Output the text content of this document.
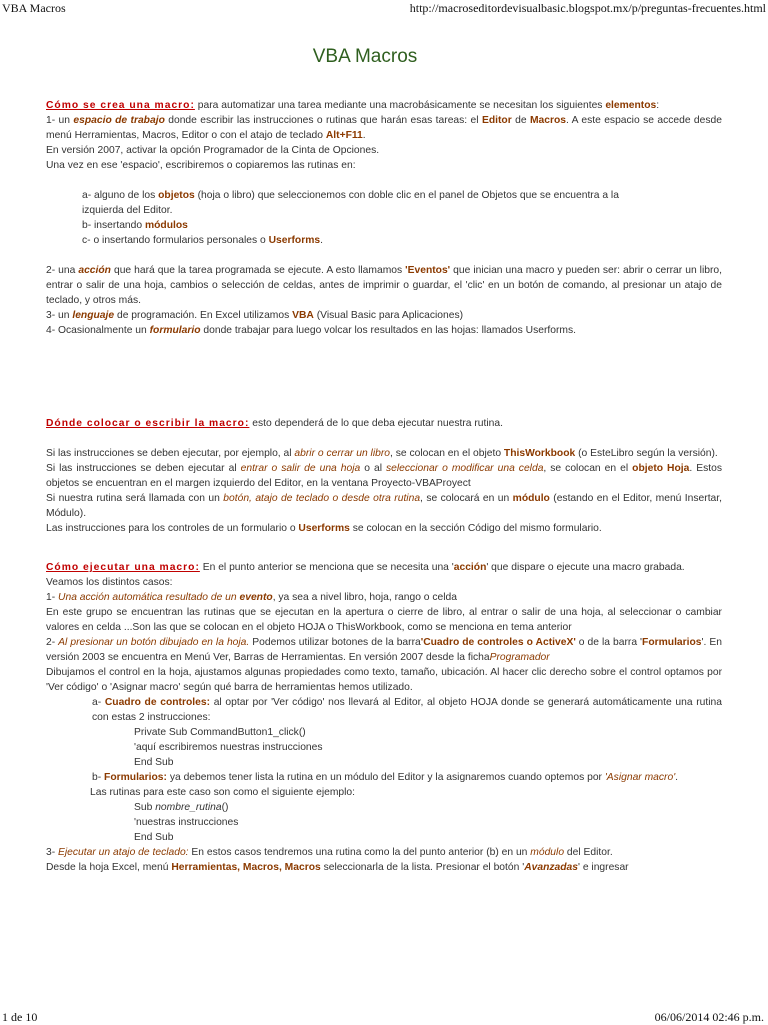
VBA Macros	http://macroseditordevisualbasic.blogspot.mx/p/preguntas-frecuentes.html
VBA Macros

Cómo se crea una macro: para automatizar una tarea mediante una macrobásicamente se necesitan los siguientes elementos:

1- un espacio de trabajo donde escribir las instrucciones o rutinas que harán esas tareas: el Editor de Macros. A este espacio se accede desde menú Herramientas, Macros, Editor o con el atajo de teclado Alt+F11.

En versión 2007, activar la opción Programador de la Cinta de Opciones.

Una vez en ese 'espacio', escribiremos o copiaremos las rutinas en:

a- alguno de los objetos (hoja o libro) que seleccionemos con doble clic en el panel de Objetos que se encuentra a la izquierda del Editor.

b- insertando módulos

c- o insertando formularios personales o Userforms.

2- una acción que hará que la tarea programada se ejecute. A esto llamamos 'Eventos' que inician una macro y pueden ser: abrir o cerrar un libro, entrar o salir de una hoja, cambios o selección de celdas, antes de imprimir o guardar, el 'clic' en un botón de comando, al presionar un atajo de teclado, y otros más.

3- un lenguaje de programación. En Excel utilizamos VBA (Visual Basic para Aplicaciones)

4- Ocasionalmente un formulario donde trabajar para luego volcar los resultados en las hojas: llamados Userforms.

Dónde colocar o escribir la macro: esto dependerá de lo que deba ejecutar nuestra rutina.

Si las instrucciones se deben ejecutar, por ejemplo, al abrir o cerrar un libro, se colocan en el objeto ThisWorkbook (o EsteLibro según la versión).

Si las instrucciones se deben ejecutar al entrar o salir de una hoja o al seleccionar o modificar una celda, se colocan en el objeto Hoja. Estos objetos se encuentran en el margen izquierdo del Editor, en la ventana Proyecto-VBAProyect

Si nuestra rutina será llamada con un botón, atajo de teclado o desde otra rutina, se colocará en un módulo (estando en el Editor, menú Insertar, Módulo).

Las instrucciones para los controles de un formulario o Userforms se colocan en la sección Código del mismo formulario.

Cómo ejecutar una macro: En el punto anterior se menciona que se necesita una 'acción' que dispare o ejecute una macro grabada.

Veamos los distintos casos:

1- Una acción automática resultado de un evento, ya sea a nivel libro, hoja, rango o celda

En este grupo se encuentran las rutinas que se ejecutan en la apertura o cierre de libro, al entrar o salir de una hoja, al seleccionar o cambiar valores en celda ...Son las que se colocan en el objeto HOJA o ThisWorkbook, como se menciona en tema anterior

2- Al presionar un botón dibujado en la hoja. Podemos utilizar botones de la barra'Cuadro de controles o ActiveX' o de la barra 'Formularios'. En versión 2003 se encuentra en Menú Ver, Barras de Herramientas. En versión 2007 desde la fichaProgramador

Dibujamos el control en la hoja, ajustamos algunas propiedades como texto, tamaño, ubicación. Al hacer clic derecho sobre el control optamos por 'Ver código' o 'Asignar macro' según qué barra de herramientas hemos utilizado.

a- Cuadro de controles: al optar por 'Ver código' nos llevará al Editor, al objeto HOJA donde se generará automáticamente una rutina con estas 2 instrucciones:

Private Sub CommandButton1_click()

'aquí escribiremos nuestras instrucciones

End Sub

b- Formularios: ya debemos tener lista la rutina en un módulo del Editor y la asignaremos cuando optemos por 'Asignar macro'.

Las rutinas para este caso son como el siguiente ejemplo:

Sub nombre_rutina()

'nuestras instrucciones

End Sub

3- Ejecutar un atajo de teclado: En estos casos tendremos una rutina como la del punto anterior (b) en un módulo del Editor.

Desde la hoja Excel, menú Herramientas, Macros, Macros seleccionarla de la lista. Presionar el botón 'Avanzadas' e ingresar

1 de 10	06/06/2014 02:46 p.m.
